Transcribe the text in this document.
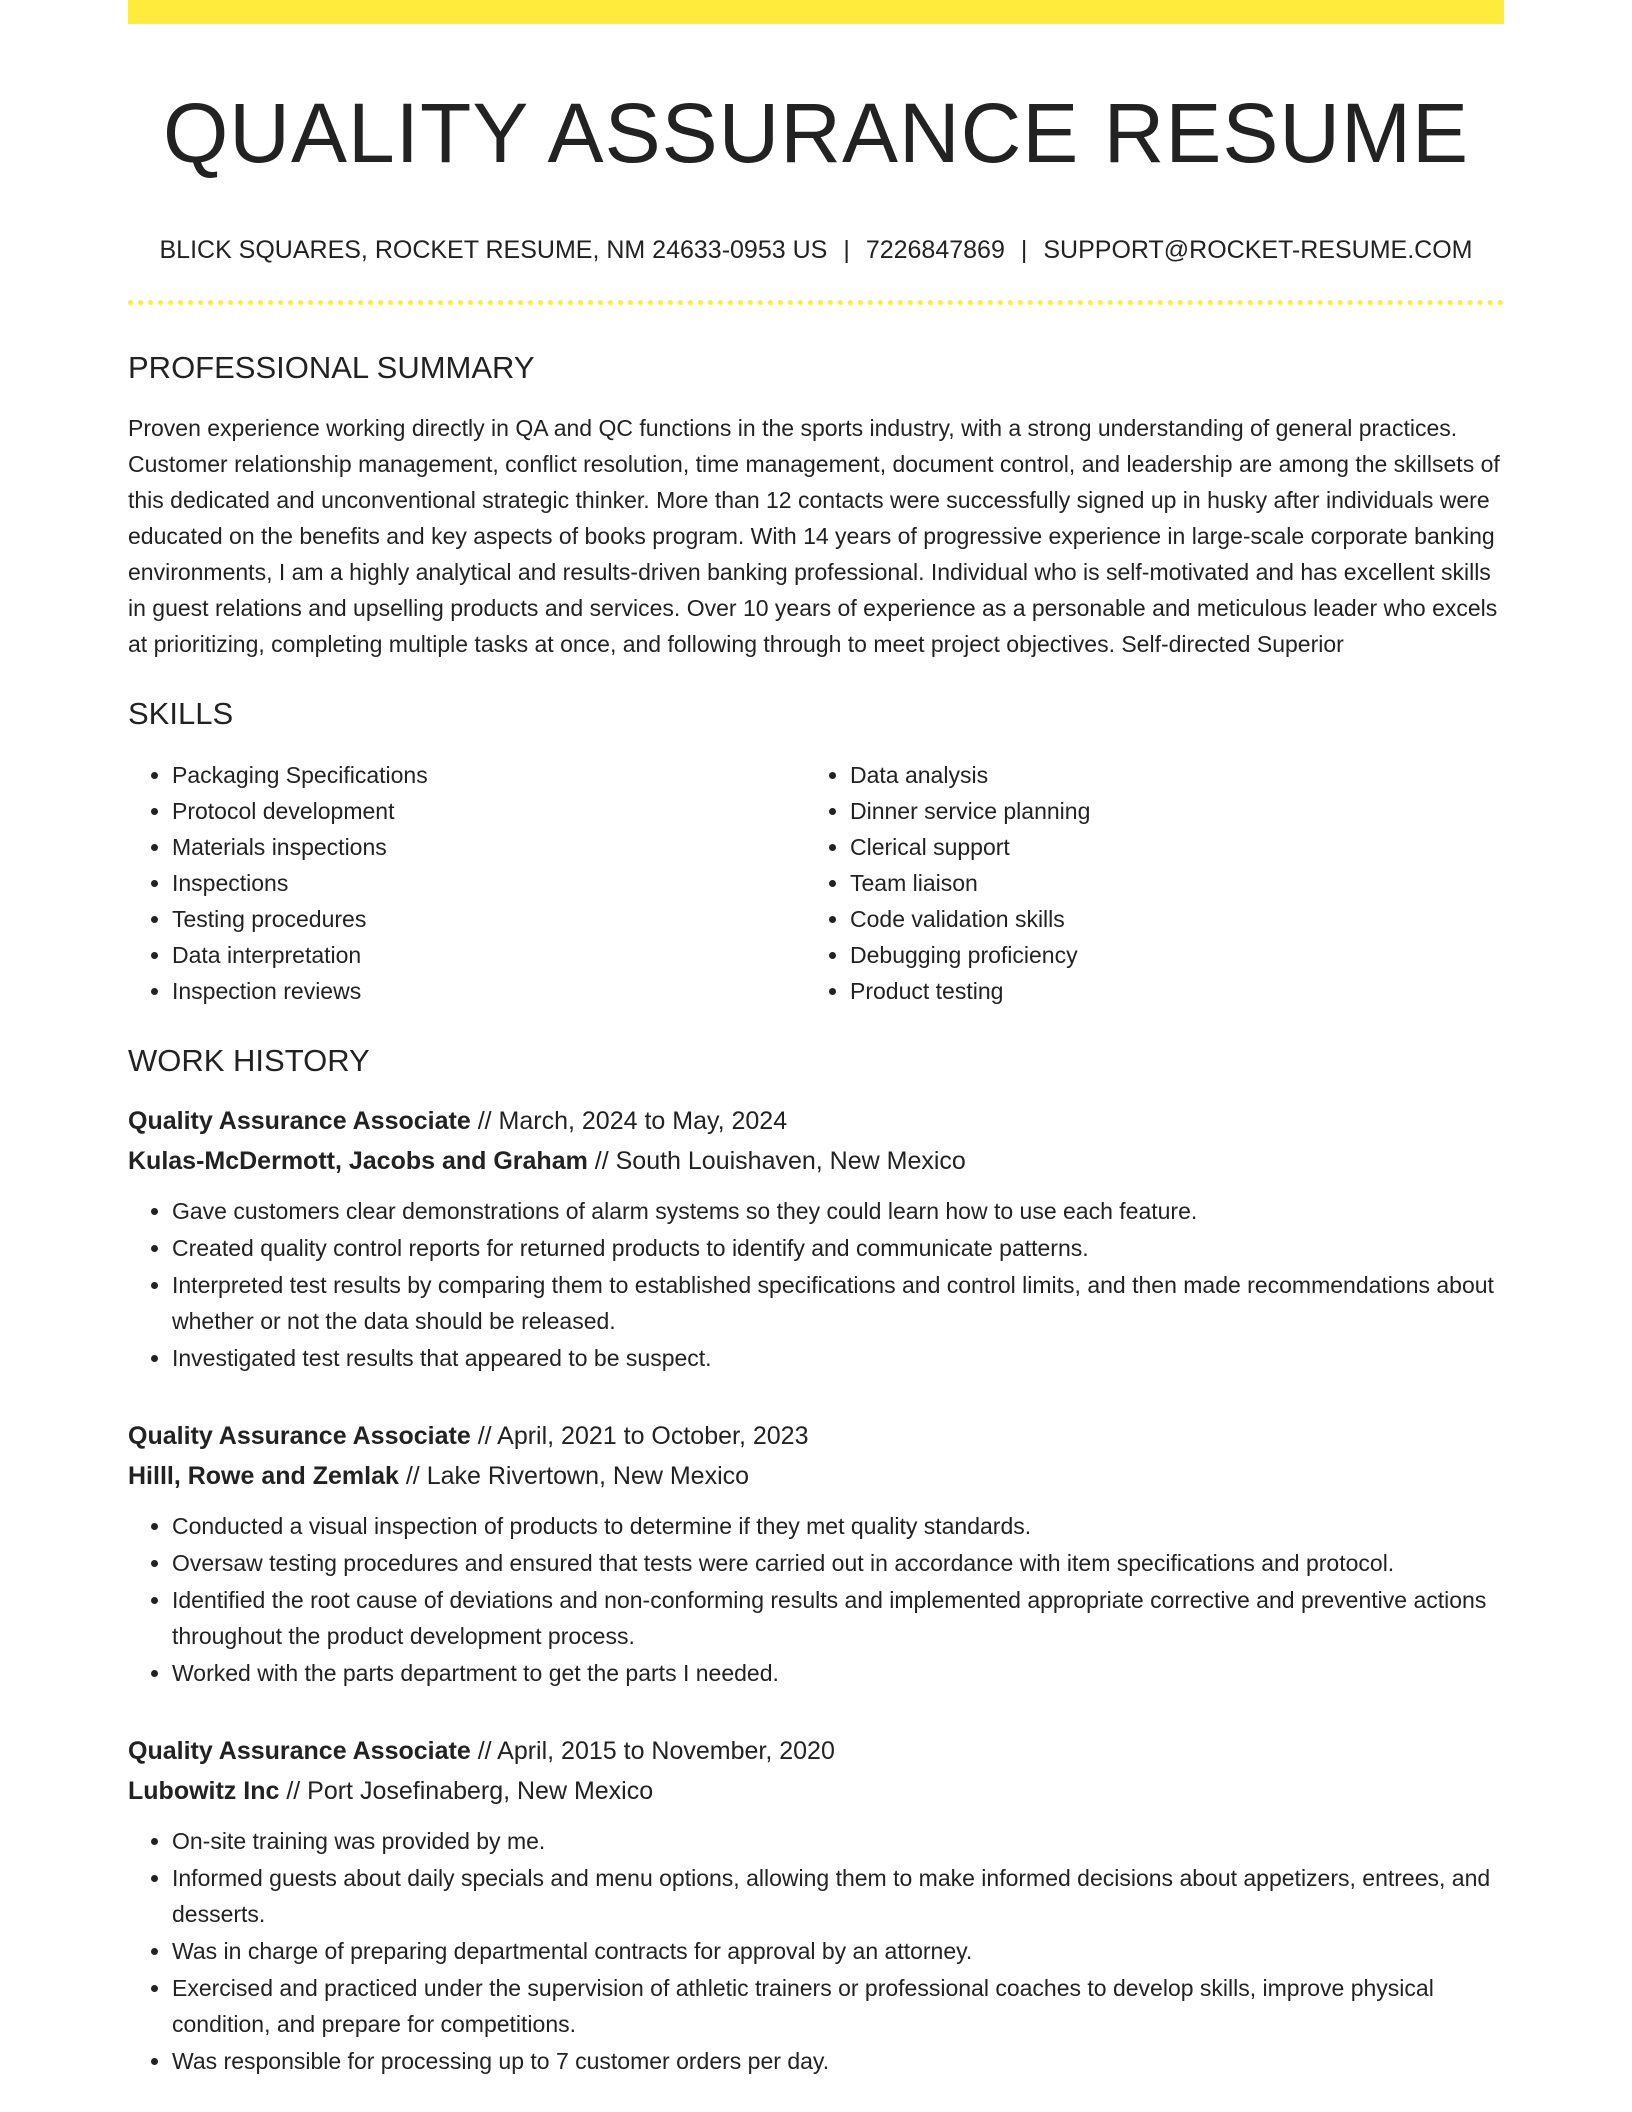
QUALITY ASSURANCE RESUME
BLICK SQUARES, ROCKET RESUME, NM 24633-0953 US | 7226847869 | SUPPORT@ROCKET-RESUME.COM
PROFESSIONAL SUMMARY
Proven experience working directly in QA and QC functions in the sports industry, with a strong understanding of general practices. Customer relationship management, conflict resolution, time management, document control, and leadership are among the skillsets of this dedicated and unconventional strategic thinker. More than 12 contacts were successfully signed up in husky after individuals were educated on the benefits and key aspects of books program. With 14 years of progressive experience in large-scale corporate banking environments, I am a highly analytical and results-driven banking professional. Individual who is self-motivated and has excellent skills in guest relations and upselling products and services. Over 10 years of experience as a personable and meticulous leader who excels at prioritizing, completing multiple tasks at once, and following through to meet project objectives. Self-directed Superior
SKILLS
• Packaging Specifications
• Protocol development
• Materials inspections
• Inspections
• Testing procedures
• Data interpretation
• Inspection reviews
• Data analysis
• Dinner service planning
• Clerical support
• Team liaison
• Code validation skills
• Debugging proficiency
• Product testing
WORK HISTORY
Quality Assurance Associate // March, 2024 to May, 2024
Kulas-McDermott, Jacobs and Graham // South Louishaven, New Mexico
• Gave customers clear demonstrations of alarm systems so they could learn how to use each feature.
• Created quality control reports for returned products to identify and communicate patterns.
• Interpreted test results by comparing them to established specifications and control limits, and then made recommendations about whether or not the data should be released.
• Investigated test results that appeared to be suspect.
Quality Assurance Associate // April, 2021 to October, 2023
Hilll, Rowe and Zemlak // Lake Rivertown, New Mexico
• Conducted a visual inspection of products to determine if they met quality standards.
• Oversaw testing procedures and ensured that tests were carried out in accordance with item specifications and protocol.
• Identified the root cause of deviations and non-conforming results and implemented appropriate corrective and preventive actions throughout the product development process.
• Worked with the parts department to get the parts I needed.
Quality Assurance Associate // April, 2015 to November, 2020
Lubowitz Inc // Port Josefinaberg, New Mexico
• On-site training was provided by me.
• Informed guests about daily specials and menu options, allowing them to make informed decisions about appetizers, entrees, and desserts.
• Was in charge of preparing departmental contracts for approval by an attorney.
• Exercised and practiced under the supervision of athletic trainers or professional coaches to develop skills, improve physical condition, and prepare for competitions.
• Was responsible for processing up to 7 customer orders per day.
